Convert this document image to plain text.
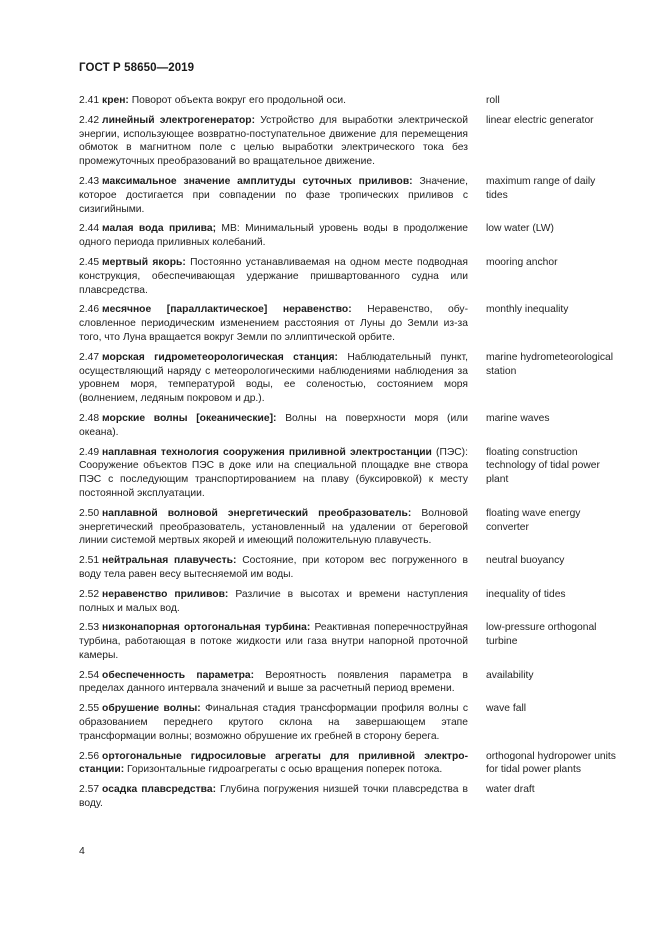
ГОСТ Р 58650—2019
2.41 крен: Поворот объекта вокруг его продольной оси.	roll
2.42 линейный электрогенератор: Устройство для выработки электрической энергии, использующее возвратно-поступательное движение для перемещения обмоток в магнитном поле с целью выработки электрического тока без промежуточных преобразований во вращательное движение.
linear electric generator
2.43 максимальное значение амплитуды суточных приливов: Значение, которое достигается при совпадении по фазе тропических приливов с сизигийными.
maximum range of daily tides
2.44 малая вода прилива; МВ: Минимальный уровень воды в продолжение одного периода приливных колебаний.
low water (LW)
2.45 мертвый якорь: Постоянно устанавливаемая на одном месте подводная конструкция, обеспечивающая удержание пришвартованного судна или плавсредства.
mooring anchor
2.46 месячное [параллактическое] неравенство: Неравенство, обусловленное периодическим изменением расстояния от Луны до Земли из-за того, что Луна вращается вокруг Земли по эллиптической орбите.
monthly inequality
2.47 морская гидрометеорологическая станция: Наблюдательный пункт, осуществляющий наряду с метеорологическими наблюдениями наблюдения за уровнем моря, температурой воды, ее соленостью, состоянием моря (волнением, ледяным покровом и др.).
marine hydrometeorological station
2.48 морские волны [океанические]: Волны на поверхности моря (или океана).
marine waves
2.49 наплавная технология сооружения приливной электростанции (ПЭС): Сооружение объектов ПЭС в доке или на специальной площадке вне створа ПЭС с последующим транспортированием на плаву (буксировкой) к месту постоянной эксплуатации.
floating construction technology of tidal power plant
2.50 наплавной волновой энергетический преобразователь: Волновой энергетический преобразователь, установленный на удалении от береговой линии системой мертвых якорей и имеющий положительную плавучесть.
floating wave energy converter
2.51 нейтральная плавучесть: Состояние, при котором вес погруженного в воду тела равен весу вытесняемой им воды.
neutral buoyancy
2.52 неравенство приливов: Различие в высотах и времени наступления полных и малых вод.
inequality of tides
2.53 низконапорная ортогональная турбина: Реактивная поперечноструйная турбина, работающая в потоке жидкости или газа внутри напорной проточной камеры.
low-pressure orthogonal turbine
2.54 обеспеченность параметра: Вероятность появления параметра в пределах данного интервала значений и выше за расчетный период времени.
availability
2.55 обрушение волны: Финальная стадия трансформации профиля волны с образованием переднего крутого склона на завершающем этапе трансформации волны; возможно обрушение их гребней в сторону берега.
wave fall
2.56 ортогональные гидросиловые агрегаты для приливной электростанции: Горизонтальные гидроагрегаты с осью вращения поперек потока.
orthogonal hydropower units for tidal power plants
2.57 осадка плавсредства: Глубина погружения низшей точки плавсредства в воду.
water draft
4
